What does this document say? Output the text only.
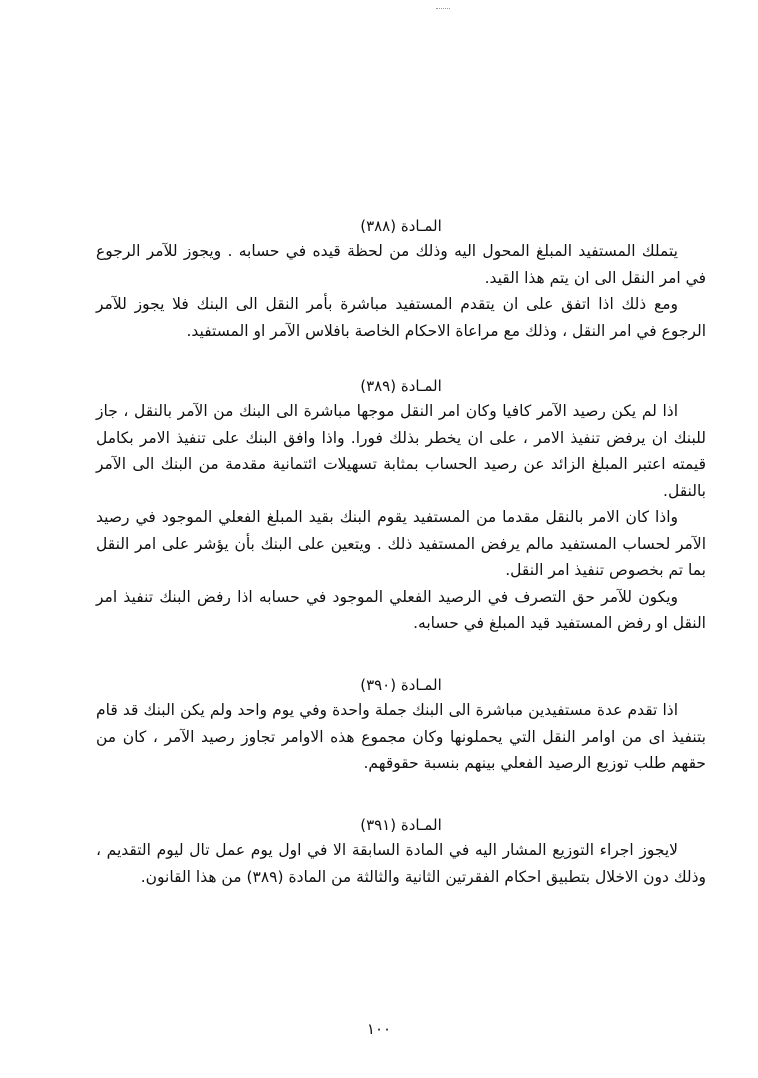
المـادة (٣٨٨)

يتملك المستفيد المبلغ المحول اليه وذلك من لحظة قيده في حسابه . ويجوز للآمر الرجوع في امر النقل الى ان يتم هذا القيد.

ومع ذلك اذا اتفق على ان يتقدم المستفيد مباشرة بأمر النقل الى البنك فلا يجوز للآمر الرجوع في امر النقل ، وذلك مع مراعاة الاحكام الخاصة بافلاس الآمر او المستفيد.

المـادة (٣٨٩)

اذا لم يكن رصيد الآمر كافيا وكان امر النقل موجها مباشرة الى البنك من الآمر بالنقل ، جاز للبنك ان يرفض تنفيذ الامر ، على ان يخطر بذلك فورا. واذا وافق البنك على تنفيذ الامر بكامل قيمته اعتبر المبلغ الزائد عن رصيد الحساب بمثابة تسهيلات ائتمانية مقدمة من البنك الى الآمر بالنقل.

واذا كان الامر بالنقل مقدما من المستفيد يقوم البنك بقيد المبلغ الفعلي الموجود في رصيد الآمر لحساب المستفيد مالم يرفض المستفيد ذلك . ويتعين على البنك بأن يؤشر على امر النقل بما تم بخصوص تنفيذ امر النقل.

ويكون للآمر حق التصرف في الرصيد الفعلي الموجود في حسابه اذا رفض البنك تنفيذ امر النقل او رفض المستفيد قيد المبلغ في حسابه.

المـادة (٣٩٠)

اذا تقدم عدة مستفيدين مباشرة الى البنك جملة واحدة وفي يوم واحد ولم يكن البنك قد قام بتنفيذ اى من اوامر النقل التي يحملونها وكان مجموع هذه الاوامر تجاوز رصيد الآمر ، كان من حقهم طلب توزيع الرصيد الفعلي بينهم بنسبة حقوقهم.

المـادة (٣٩١)

لايجوز اجراء التوزيع المشار اليه في المادة السابقة الا في اول يوم عمل تال ليوم التقديم ، وذلك دون الاخلال بتطبيق احكام الفقرتين الثانية والثالثة من المادة (٣٨٩) من هذا القانون.

١٠٠
